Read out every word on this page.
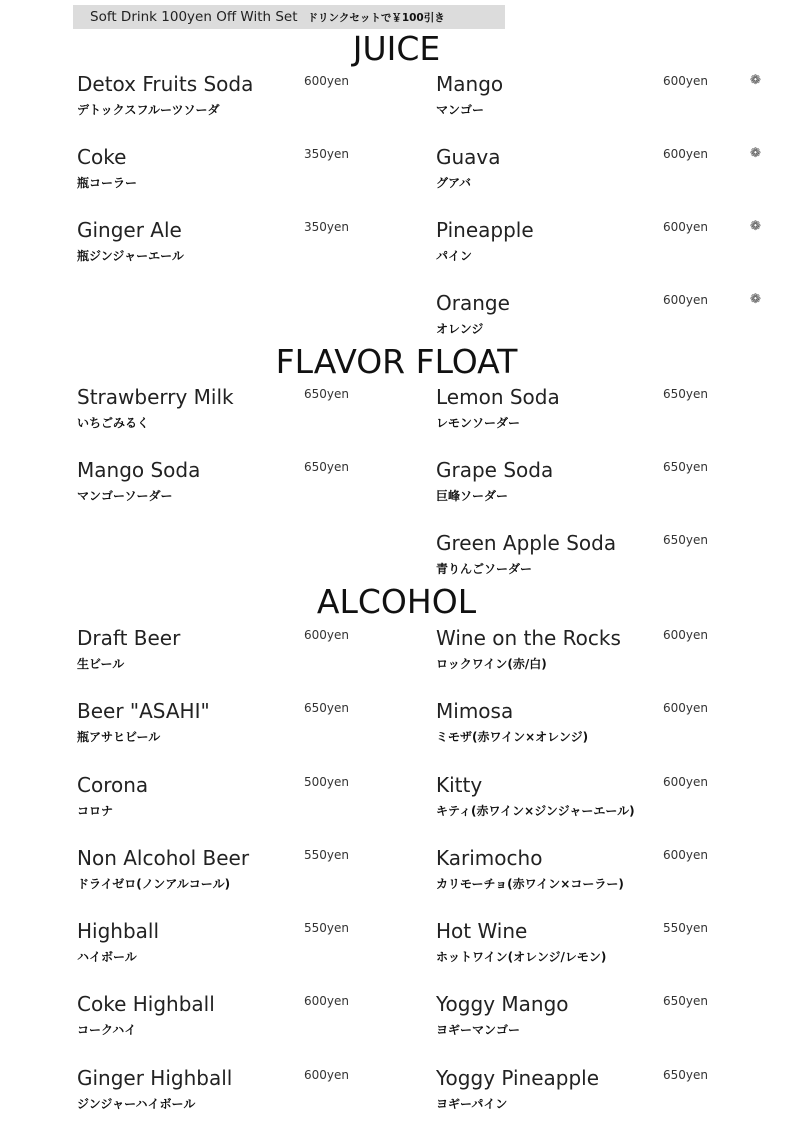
Soft Drink 100yen Off With Set ドリンクセットで￥100引き
JUICE
FLAVOR FLOAT
ALCOHOL
Detox Fruits Soda	600yen
デトックスフルーツソーダ
Coke	350yen
瓶コーラー
Ginger Ale	350yen
瓶ジンジャーエール
Mango	600yen	❁
マンゴー
Guava	600yen	❁
グアバ
Pineapple	600yen	❁
パイン
Orange	600yen	❁
オレンジ
Strawberry Milk	650yen
いちごみるく
Mango Soda	650yen
マンゴーソーダー
Lemon Soda	650yen
レモンソーダー
Grape Soda	650yen
巨峰ソーダー
Green Apple Soda	650yen
青りんごソーダー
Draft Beer	600yen
生ビール
Beer "ASAHI"	650yen
瓶アサヒビール
Corona	500yen
コロナ
Non Alcohol Beer	550yen
ドライゼロ(ノンアルコール)
Highball	550yen
ハイボール
Coke Highball	600yen
コークハイ
Ginger Highball	600yen
ジンジャーハイボール
Wine on the Rocks	600yen
ロックワイン(赤/白)
Mimosa	600yen
ミモザ(赤ワイン×オレンジ)
Kitty	600yen
キティ(赤ワイン×ジンジャーエール)
Karimocho	600yen
カリモーチョ(赤ワイン×コーラー)
Hot Wine	550yen
ホットワイン(オレンジ/レモン)
Yoggy Mango	650yen
ヨギーマンゴー
Yoggy Pineapple	650yen
ヨギーパイン
